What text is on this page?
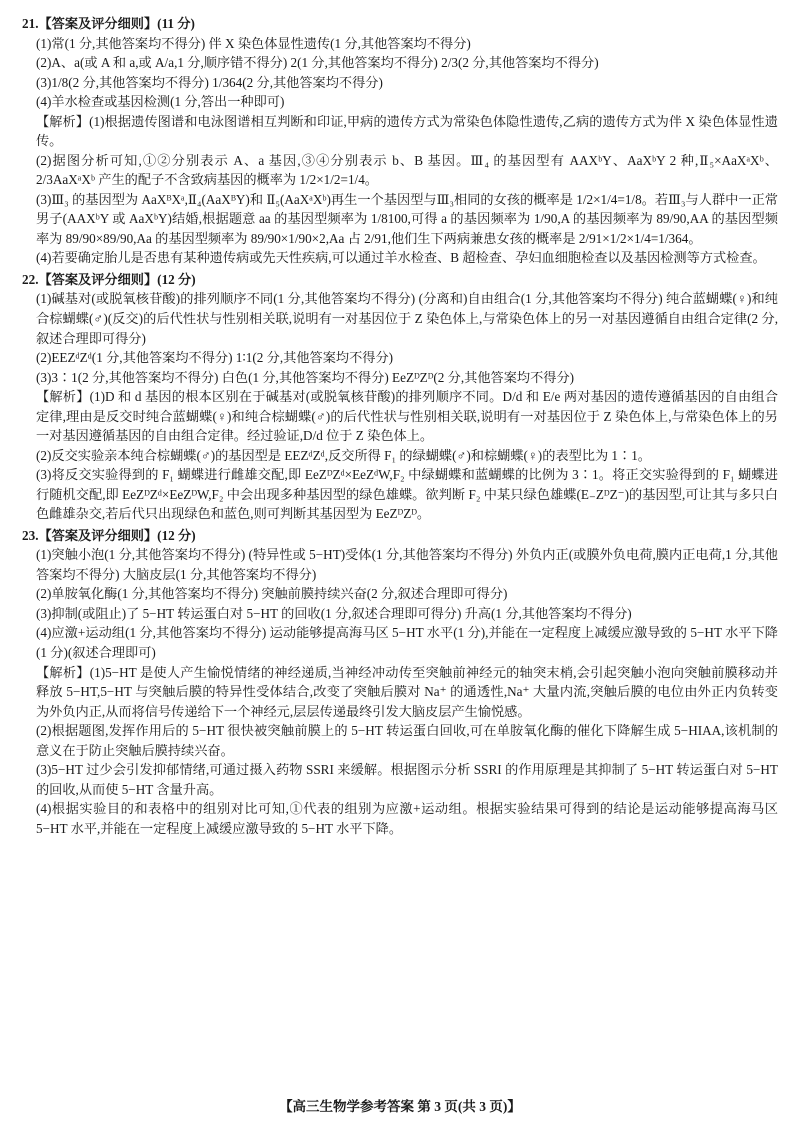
21.【答案及评分细则】(11 分)

(1)常(1 分,其他答案均不得分) 伴 X 染色体显性遗传(1 分,其他答案均不得分)

(2)A、a(或 A 和 a,或 A/a,1 分,顺序错不得分) 2(1 分,其他答案均不得分) 2/3(2 分,其他答案均不得分)

(3)1/8(2 分,其他答案均不得分) 1/364(2 分,其他答案均不得分)

(4)羊水检查或基因检测(1 分,答出一种即可)

【解析】(1)根据遗传图谱和电泳图谱相互判断和印证,甲病的遗传方式为常染色体隐性遗传,乙病的遗传方式为伴 X 染色体显性遗传。

(2)据图分析可知,①②分别表示 A、a 基因,③④分别表示 b、B 基因。Ⅲ₄ 的基因型有 AAXᵇY、AaXᵇY 2 种,Ⅱ₅×AaXᵃXᵇ、2/3AaXᵃXᵇ 产生的配子不含致病基因的概率为 1/2×1/2=1/4。

(3)Ⅲ₃ 的基因型为 AaXᴮXᵃ,Ⅱ₄(AaXᴮY)和 Ⅱ₅(AaXᵃXᵇ)再生一个基因型与Ⅲ₃相同的女孩的概率是 1/2×1/4=1/8。若Ⅲ₃与人群中一正常男子(AAXᵇY 或 AaXᵇY)结婚,根据题意 aa 的基因型频率为 1/8100,可得 a 的基因频率为 1/90,A 的基因频率为 89/90,AA 的基因型频率为 89/90×89/90,Aa 的基因型频率为 89/90×1/90×2,Aa 占 2/91,他们生下两病兼患女孩的概率是 2/91×1/2×1/4=1/364。

(4)若要确定胎儿是否患有某种遗传病或先天性疾病,可以通过羊水检查、B 超检查、孕妇血细胞检查以及基因检测等方式检查。

22.【答案及评分细则】(12 分)

(1)碱基对(或脱氧核苷酸)的排列顺序不同(1 分,其他答案均不得分) (分离和)自由组合(1 分,其他答案均不得分) 纯合蓝蝴蝶(♀)和纯合棕蝴蝶(♂)(反交)的后代性状与性别相关联,说明有一对基因位于 Z 染色体上,与常染色体上的另一对基因遵循自由组合定律(2 分,叙述合理即可得分)

(2)EEZᵈZᵈ(1 分,其他答案均不得分) 1∶1(2 分,其他答案均不得分)

(3)3∶1(2 分,其他答案均不得分) 白色(1 分,其他答案均不得分) EeZᴰZᴰ(2 分,其他答案均不得分)

【解析】(1)D 和 d 基因的根本区别在于碱基对(或脱氧核苷酸)的排列顺序不同。D/d 和 E/e 两对基因的遗传遵循基因的自由组合定律,理由是反交时纯合蓝蝴蝶(♀)和纯合棕蝴蝶(♂)的后代性状与性别相关联,说明有一对基因位于 Z 染色体上,与常染色体上的另一对基因遵循基因的自由组合定律。经过验证,D/d 位于 Z 染色体上。

(2)反交实验亲本纯合棕蝴蝶(♂)的基因型是 EEZᵈZᵈ,反交所得 F₁ 的绿蝴蝶(♂)和棕蝴蝶(♀)的表型比为 1∶1。

(3)将反交实验得到的 F₁ 蝴蝶进行雌雄交配,即 EeZᴰZᵈ×EeZᵈW,F₂ 中绿蝴蝶和蓝蝴蝶的比例为 3∶1。将正交实验得到的 F₁ 蝴蝶进行随机交配,即 EeZᴰZᵈ×EeZᴰW,F₂ 中会出现多种基因型的绿色雄蝶。欲判断 F₂ 中某只绿色雄蝶(E₋ZᴰZ⁻)的基因型,可让其与多只白色雌雄杂交,若后代只出现绿色和蓝色,则可判断其基因型为 EeZᴰZᴰ。

23.【答案及评分细则】(12 分)

(1)突触小泡(1 分,其他答案均不得分) (特异性或 5−HT)受体(1 分,其他答案均不得分) 外负内正(或膜外负电荷,膜内正电荷,1 分,其他答案均不得分) 大脑皮层(1 分,其他答案均不得分)

(2)单胺氧化酶(1 分,其他答案均不得分) 突触前膜持续兴奋(2 分,叙述合理即可得分)

(3)抑制(或阻止)了 5−HT 转运蛋白对 5−HT 的回收(1 分,叙述合理即可得分) 升高(1 分,其他答案均不得分)

(4)应激+运动组(1 分,其他答案均不得分) 运动能够提高海马区 5−HT 水平(1 分),并能在一定程度上减缓应激导致的 5−HT 水平下降(1 分)(叙述合理即可)

【解析】(1)5−HT 是使人产生愉悦情绪的神经递质,当神经冲动传至突触前神经元的轴突末梢,会引起突触小泡向突触前膜移动并释放 5−HT,5−HT 与突触后膜的特异性受体结合,改变了突触后膜对 Na⁺ 的通透性,Na⁺ 大量内流,突触后膜的电位由外正内负转变为外负内正,从而将信号传递给下一个神经元,层层传递最终引发大脑皮层产生愉悦感。

(2)根据题图,发挥作用后的 5−HT 很快被突触前膜上的 5−HT 转运蛋白回收,可在单胺氧化酶的催化下降解生成 5−HIAA,该机制的意义在于防止突触后膜持续兴奋。

(3)5−HT 过少会引发抑郁情绪,可通过摄入药物 SSRI 来缓解。根据图示分析 SSRI 的作用原理是其抑制了 5−HT 转运蛋白对 5−HT 的回收,从而使 5−HT 含量升高。

(4)根据实验目的和表格中的组别对比可知,①代表的组别为应激+运动组。根据实验结果可得到的结论是运动能够提高海马区 5−HT 水平,并能在一定程度上减缓应激导致的 5−HT 水平下降。

【高三生物学参考答案 第 3 页(共 3 页)】
